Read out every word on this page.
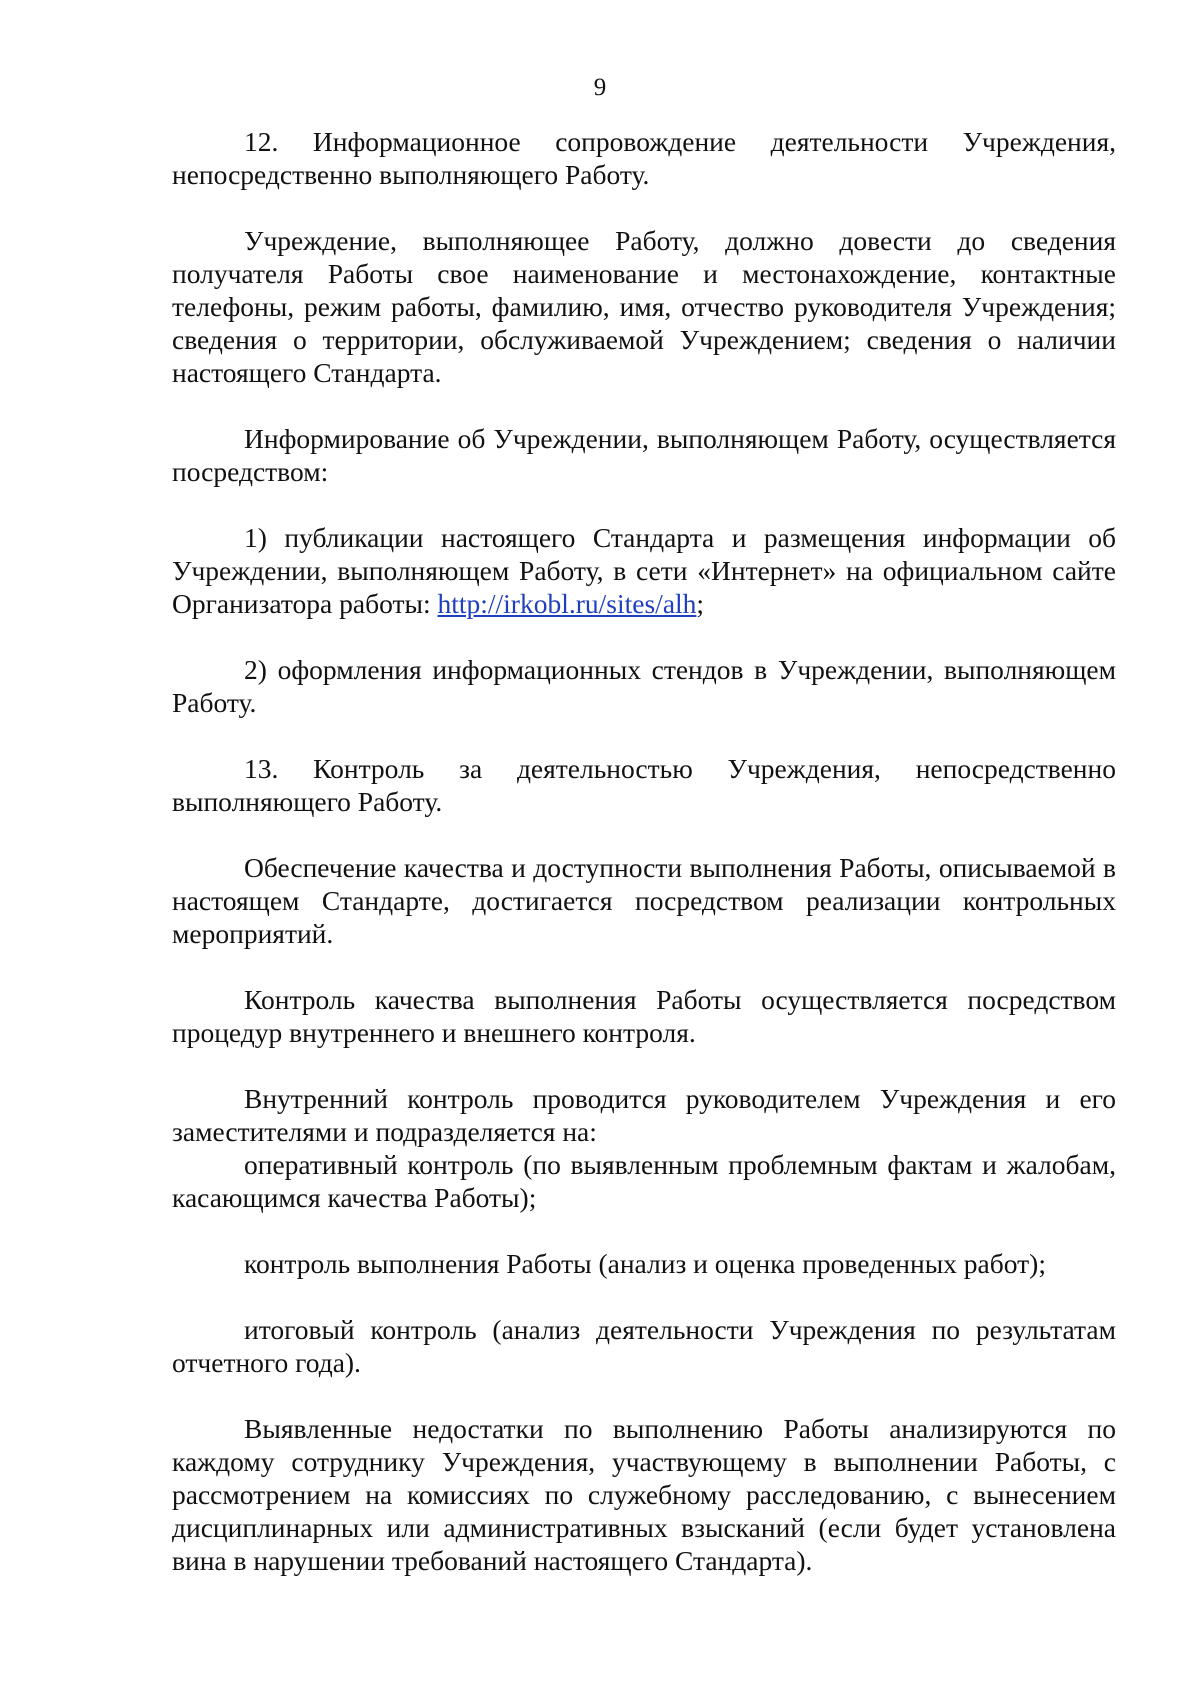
9

12. Информационное сопровождение деятельности Учреждения, непосредственно выполняющего Работу.

Учреждение, выполняющее Работу, должно довести до сведения получателя Работы свое наименование и местонахождение, контактные телефоны, режим работы, фамилию, имя, отчество руководителя Учреждения; сведения о территории, обслуживаемой Учреждением; сведения о наличии настоящего Стандарта.

Информирование об Учреждении, выполняющем Работу, осуществляется посредством:

1) публикации настоящего Стандарта и размещения информации об Учреждении, выполняющем Работу, в сети «Интернет» на официальном сайте Организатора работы: http://irkobl.ru/sites/alh;

2) оформления информационных стендов в Учреждении, выполняющем Работу.

13. Контроль за деятельностью Учреждения, непосредственно выполняющего Работу.

Обеспечение качества и доступности выполнения Работы, описываемой в настоящем Стандарте, достигается посредством реализации контрольных мероприятий.

Контроль качества выполнения Работы осуществляется посредством процедур внутреннего и внешнего контроля.

Внутренний контроль проводится руководителем Учреждения и его заместителями и подразделяется на:

оперативный контроль (по выявленным проблемным фактам и жалобам, касающимся качества Работы);

контроль выполнения Работы (анализ и оценка проведенных работ);

итоговый контроль (анализ деятельности Учреждения по результатам отчетного года).

Выявленные недостатки по выполнению Работы анализируются по каждому сотруднику Учреждения, участвующему в выполнении Работы, с рассмотрением на комиссиях по служебному расследованию, с вынесением дисциплинарных или административных взысканий (если будет установлена вина в нарушении требований настоящего Стандарта).
